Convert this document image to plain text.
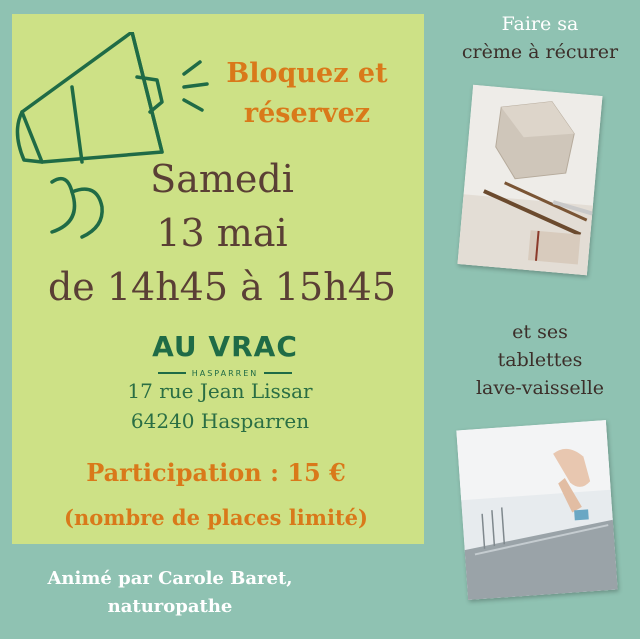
Bloquez et
réservez
Samedi
13 mai
de 14h45 à 15h45
AU VRAC
HASPARREN
17 rue Jean Lissar
64240 Hasparren
Participation : 15 €
(nombre de places limité)
Animé par Carole Baret,
naturopathe
Faire sa
crème à récurer
et ses
tablettes
lave-vaisselle
